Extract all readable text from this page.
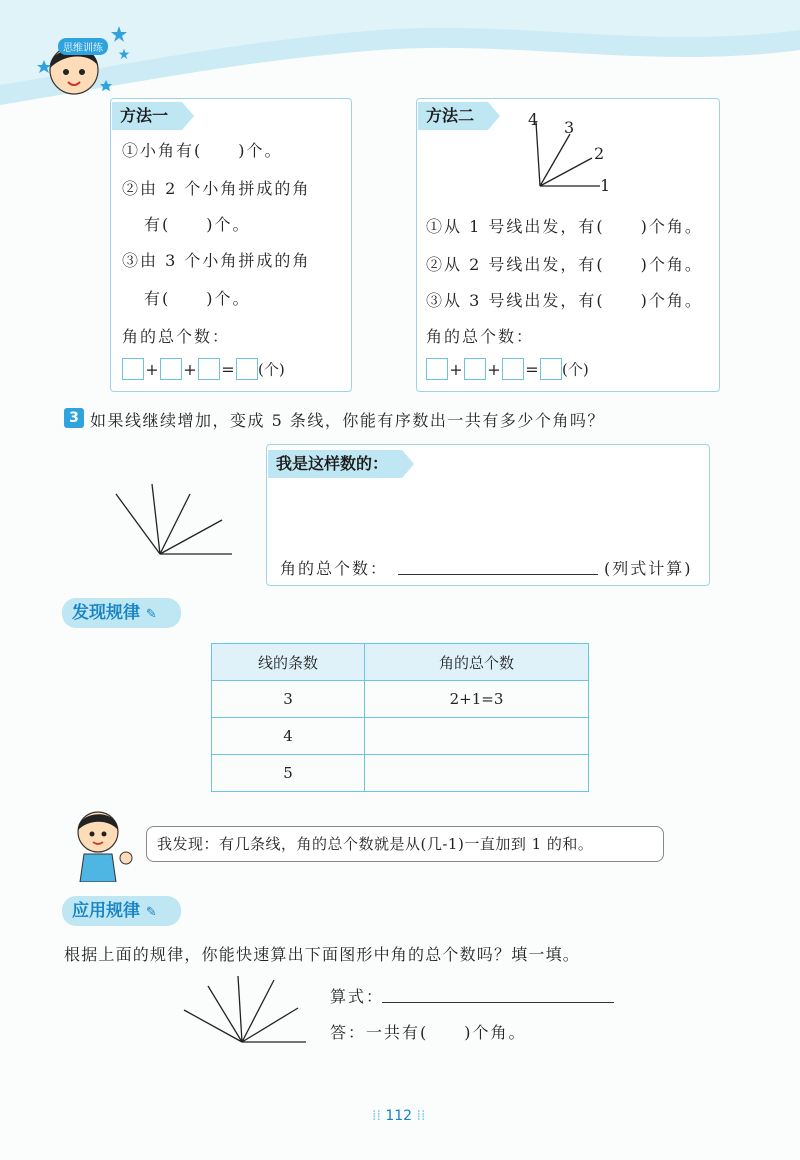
思维训练
方法一
①小角有(　　)个。
②由 2 个小角拼成的角
有(　　)个。
③由 3 个小角拼成的角
有(　　)个。
角的总个数：
+ + = (个)
方法二	4 3
2
1
①从 1 号线出发，有(　　)个角。
②从 2 号线出发，有(　　)个角。
③从 3 号线出发，有(　　)个角。
角的总个数：
+ + = (个)
3 如果线继续增加，变成 5 条线，你能有序数出一共有多少个角吗？
我是这样数的：
角的总个数：	(列式计算)
发现规律 ✎
线的条数	角的总个数
3	2+1=3
4	
5	
我发现：有几条线，角的总个数就是从(几-1)一直加到 1 的和。
应用规律 ✎
根据上面的规律，你能快速算出下面图形中角的总个数吗？填一填。
算式：
答：一共有(　　)个角。
⁞⁞ 112 ⁞⁞
